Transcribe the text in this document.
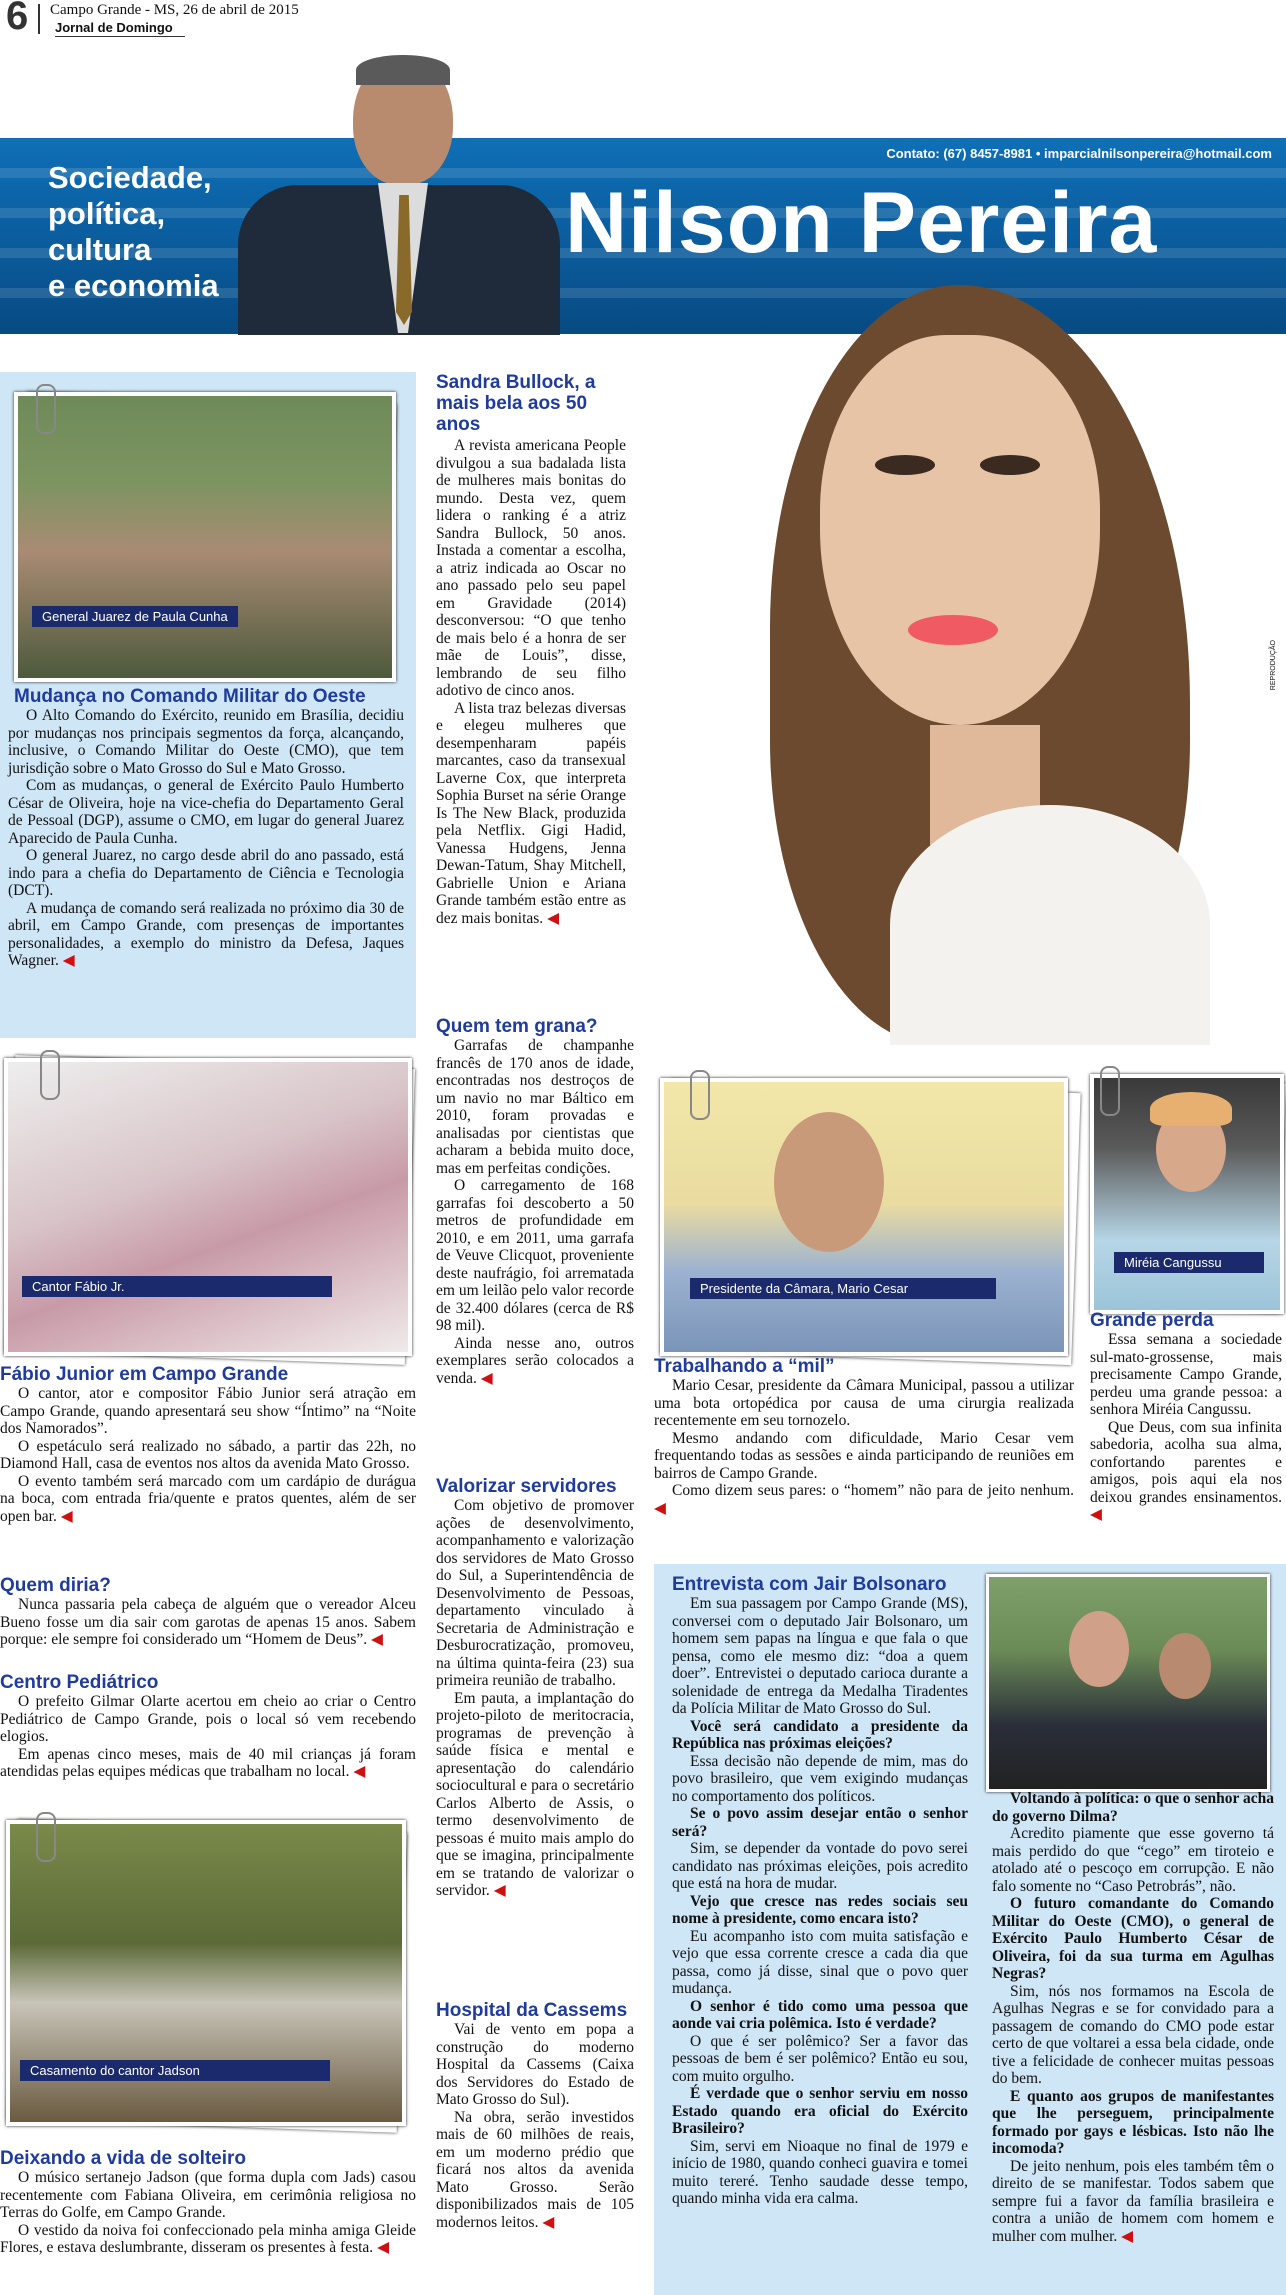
6 Campo Grande - MS, 26 de abril de 2015
Jornal de Domingo
Sociedade,
política,
cultura
e economia
Contato: (67) 8457-8981 • imparcialnilsonpereira@hotmail.com
Nilson Pereira
REPRODUÇÃO
General Juarez de Paula Cunha
Mudança no Comando Militar do Oeste

O Alto Comando do Exército, reunido em Brasília, decidiu por mudanças nos principais segmentos da força, alcançando, inclusive, o Comando Militar do Oeste (CMO), que tem jurisdição sobre o Mato Grosso do Sul e Mato Grosso.

Com as mudanças, o general de Exército Paulo Humberto César de Oliveira, hoje na vice-chefia do Departamento Geral de Pessoal (DGP), assume o CMO, em lugar do general Juarez Aparecido de Paula Cunha.

O general Juarez, no cargo desde abril do ano passado, está indo para a chefia do Departamento de Ciência e Tecnologia (DCT).

A mudança de comando será realizada no próximo dia 30 de abril, em Campo Grande, com presenças de importantes personalidades, a exemplo do ministro da Defesa, Jaques Wagner. ◀

Cantor Fábio Jr.
Fábio Junior em Campo Grande

O cantor, ator e compositor Fábio Junior será atração em Campo Grande, quando apresentará seu show “Íntimo” na “Noite dos Namorados”.

O espetáculo será realizado no sábado, a partir das 22h, no Diamond Hall, casa de eventos nos altos da avenida Mato Grosso.

O evento também será marcado com um cardápio de durágua na boca, com entrada fria/quente e pratos quentes, além de ser open bar. ◀

Quem diria?

Nunca passaria pela cabeça de alguém que o vereador Alceu Bueno fosse um dia sair com garotas de apenas 15 anos. Sabem porque: ele sempre foi considerado um “Homem de Deus”. ◀

Centro Pediátrico

O prefeito Gilmar Olarte acertou em cheio ao criar o Centro Pediátrico de Campo Grande, pois o local só vem recebendo elogios.

Em apenas cinco meses, mais de 40 mil crianças já foram atendidas pelas equipes médicas que trabalham no local. ◀

Casamento do cantor Jadson
Deixando a vida de solteiro

O músico sertanejo Jadson (que forma dupla com Jads) casou recentemente com Fabiana Oliveira, em cerimônia religiosa no Terras do Golfe, em Campo Grande.

O vestido da noiva foi confeccionado pela minha amiga Gleide Flores, e estava deslumbrante, disseram os presentes à festa. ◀

Sandra Bullock, a mais bela aos 50 anos

A revista americana People divulgou a sua badalada lista de mulheres mais bonitas do mundo. Desta vez, quem lidera o ranking é a atriz Sandra Bullock, 50 anos. Instada a comentar a escolha, a atriz indicada ao Oscar no ano passado pelo seu papel em Gravidade (2014) desconversou: “O que tenho de mais belo é a honra de ser mãe de Louis”, disse, lembrando de seu filho adotivo de cinco anos.

A lista traz belezas diversas e elegeu mulheres que desempenharam papéis marcantes, caso da transexual Laverne Cox, que interpreta Sophia Burset na série Orange Is The New Black, produzida pela Netflix. Gigi Hadid, Vanessa Hudgens, Jenna Dewan-Tatum, Shay Mitchell, Gabrielle Union e Ariana Grande também estão entre as dez mais bonitas. ◀

Quem tem grana?

Garrafas de champanhe francês de 170 anos de idade, encontradas nos destroços de um navio no mar Báltico em 2010, foram provadas e analisadas por cientistas que acharam a bebida muito doce, mas em perfeitas condições.

O carregamento de 168 garrafas foi descoberto a 50 metros de profundidade em 2010, e em 2011, uma garrafa de Veuve Clicquot, proveniente deste naufrágio, foi arrematada em um leilão pelo valor recorde de 32.400 dólares (cerca de R$ 98 mil).

Ainda nesse ano, outros exemplares serão colocados a venda. ◀

Valorizar servidores

Com objetivo de promover ações de desenvolvimento, acompanhamento e valorização dos servidores de Mato Grosso do Sul, a Superintendência de Desenvolvimento de Pessoas, departamento vinculado à Secretaria de Administração e Desburocratização, promoveu, na última quinta-feira (23) sua primeira reunião de trabalho.

Em pauta, a implantação do projeto-piloto de meritocracia, programas de prevenção à saúde física e mental e apresentação do calendário sociocultural e para o secretário Carlos Alberto de Assis, o termo desenvolvimento de pessoas é muito mais amplo do que se imagina, principalmente em se tratando de valorizar o servidor. ◀

Hospital da Cassems

Vai de vento em popa a construção do moderno Hospital da Cassems (Caixa dos Servidores do Estado de Mato Grosso do Sul).

Na obra, serão investidos mais de 60 milhões de reais, em um moderno prédio que ficará nos altos da avenida Mato Grosso. Serão disponibilizados mais de 105 modernos leitos. ◀

Presidente da Câmara, Mario Cesar
Miréia Cangussu
Trabalhando a “mil”

Mario Cesar, presidente da Câmara Municipal, passou a utilizar uma bota ortopédica por causa de uma cirurgia realizada recentemente em seu tornozelo.

Mesmo andando com dificuldade, Mario Cesar vem frequentando todas as sessões e ainda participando de reuniões em bairros de Campo Grande.

Como dizem seus pares: o “homem” não para de jeito nenhum. ◀

Grande perda

Essa semana a sociedade sul-mato-grossense, mais precisamente Campo Grande, perdeu uma grande pessoa: a senhora Miréia Cangussu.

Que Deus, com sua infinita sabedoria, acolha sua alma, confortando parentes e amigos, pois aqui ela nos deixou grandes ensinamentos. ◀

Entrevista com Jair Bolsonaro

Em sua passagem por Campo Grande (MS), conversei com o deputado Jair Bolsonaro, um homem sem papas na língua e que fala o que pensa, como ele mesmo diz: “doa a quem doer”. Entrevistei o deputado carioca durante a solenidade de entrega da Medalha Tiradentes da Polícia Militar de Mato Grosso do Sul.

Você será candidato a presidente da República nas próximas eleições?

Essa decisão não depende de mim, mas do povo brasileiro, que vem exigindo mudanças no comportamento dos políticos.

Se o povo assim desejar então o senhor será?

Sim, se depender da vontade do povo serei candidato nas próximas eleições, pois acredito que está na hora de mudar.

Vejo que cresce nas redes sociais seu nome à presidente, como encara isto?

Eu acompanho isto com muita satisfação e vejo que essa corrente cresce a cada dia que passa, como já disse, sinal que o povo quer mudança.

O senhor é tido como uma pessoa que aonde vai cria polêmica. Isto é verdade?

O que é ser polêmico? Ser a favor das pessoas de bem é ser polêmico? Então eu sou, com muito orgulho.

É verdade que o senhor serviu em nosso Estado quando era oficial do Exército Brasileiro?

Sim, servi em Nioaque no final de 1979 e início de 1980, quando conheci guavira e tomei muito tereré. Tenho saudade desse tempo, quando minha vida era calma.

Voltando à política: o que o senhor acha do governo Dilma?

Acredito piamente que esse governo tá mais perdido do que “cego” em tiroteio e atolado até o pescoço em corrupção. E não falo somente no “Caso Petrobrás”, não.

O futuro comandante do Comando Militar do Oeste (CMO), o general de Exército Paulo Humberto César de Oliveira, foi da sua turma em Agulhas Negras?

Sim, nós nos formamos na Escola de Agulhas Negras e se for convidado para a passagem de comando do CMO pode estar certo de que voltarei a essa bela cidade, onde tive a felicidade de conhecer muitas pessoas do bem.

E quanto aos grupos de manifestantes que lhe perseguem, principalmente formado por gays e lésbicas. Isto não lhe incomoda?

De jeito nenhum, pois eles também têm o direito de se manifestar. Todos sabem que sempre fui a favor da família brasileira e contra a união de homem com homem e mulher com mulher. ◀
